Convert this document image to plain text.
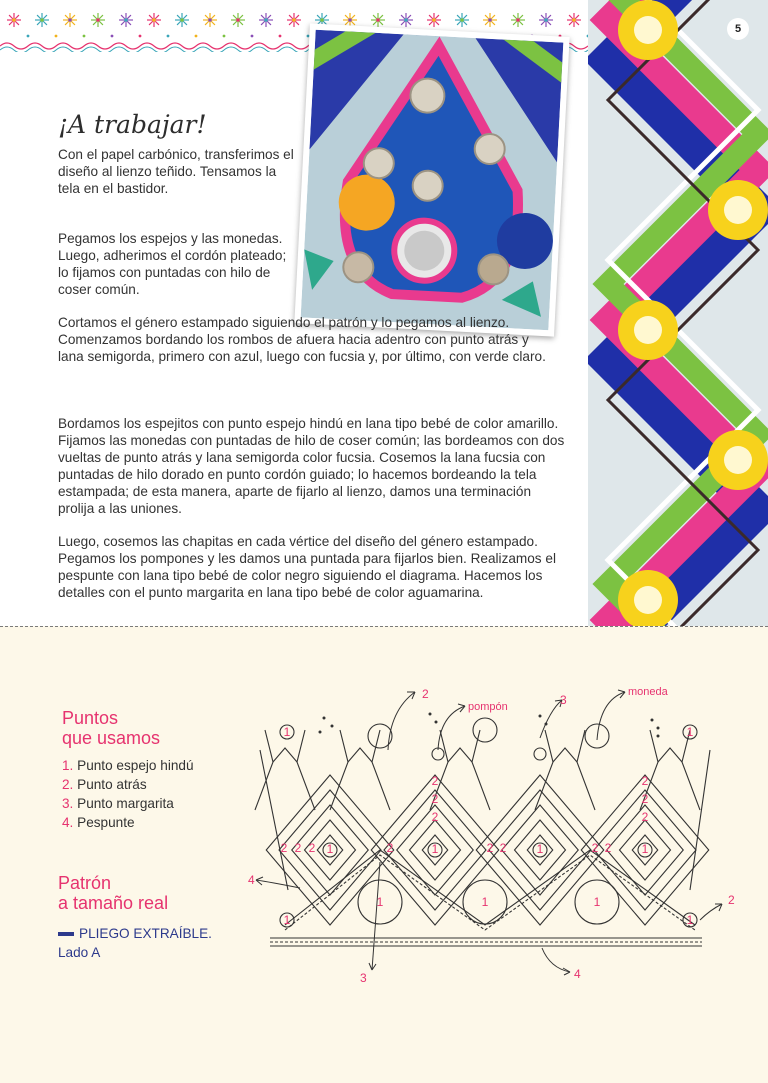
5
¡A trabajar!

Con el papel carbónico, transferimos el diseño al lienzo teñido. Tensamos la tela en el bastidor.

Pegamos los espejos y las monedas. Luego, adherimos el cordón plateado; lo fijamos con puntadas con hilo de coser común.

Cortamos el género estampado siguiendo el patrón y lo pegamos al lienzo. Comenzamos bordando los rombos de afuera hacia adentro con punto atrás y lana semigorda, primero con azul, luego con fucsia y, por último, con verde claro.

Bordamos los espejitos con punto espejo hindú en lana tipo bebé de color amarillo. Fijamos las monedas con puntadas de hilo de coser común; las bordeamos con dos vueltas de punto atrás y lana semigorda color fucsia. Cosemos la lana fucsia con puntadas de hilo dorado en punto cordón guiado; lo hacemos bordeando la tela estampada; de esta manera, aparte de fijarlo al lienzo, damos una terminación prolija a las uniones.

Luego, cosemos las chapitas en cada vértice del diseño del género estampado. Pegamos los pompones y les damos una puntada para fijarlos bien. Realizamos el pespunte con lana tipo bebé de color negro siguiendo el diagrama. Hacemos los detalles con el punto margarita en lana tipo bebé de color aguamarina.

Puntos
que usamos
1. Punto espejo hindú
2. Punto atrás
3. Punto margarita
4. Pespunte
Patrón
a tamaño real
PLIEGO EXTRAÍBLE.
Lado A
2
2
2
2
2
2
2 2 2 1	1	1	1
1	1	1
1	1
1	1
2 2	2 2
2
2
pompón	3
moneda
4
2
3	4
